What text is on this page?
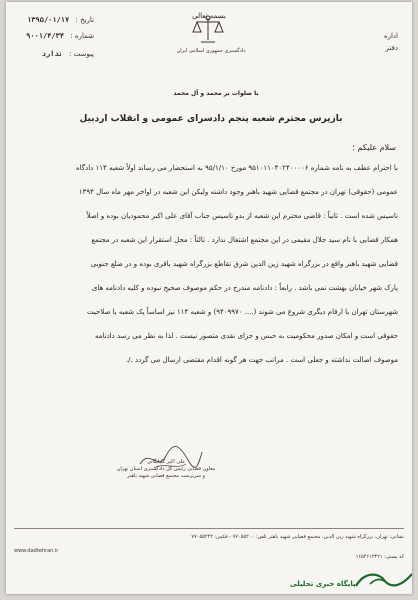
بسمه تعالی
دادگستری جمهوری اسلامی ایران
تاریخ : ۱۳۹۵/۰۱/۱۷
شماره : ۹۰۰۱/۴/۳۴
پیوست : ندارد
اداره
دفتر
با صلوات بر محمد و آل محمد
بازپرس محترم شعبه پنجم دادسرای عمومی و انقلاب اردبیل
سلام علیکم ؛
با احترام عطف به نامه شماره ۹۵۱۰۱۱۰۴۰۲۴۰۰۰۰۶ مورخ ۹۵/۱/۱۰ به استحضار می رساند اولاً شعبه ۱۱۴ دادگاه
عمومی (حقوقی) تهران در مجتمع قضایی شهید باهنر وجود داشته ولیکن این شعبه در اواخر مهر ماه سال ۱۳۹۴
تاسیس شده است . ثانیاً : قاضی محترم این شعبه از بدو تاسیس جناب آقای علی اکبر محمودیان بوده و اصلاً
همکار قضایی با نام سید جلال مقیمی در این مجتمع اشتغال ندارد . ثالثاً : محل استقرار این شعبه در مجتمع
قضایی شهید باهنر واقع در بزرگراه شهید زین الدین شرق تقاطع بزرگراه شهید باقری بوده و در ضلع جنوبی
پارک شهر خیابان بهشت نمی باشد . رابعاً : دادنامه مندرج در حکم موصوف صحیح نبوده و کلیه دادنامه های
شهرستان تهران با ارقام دیگری شروع می شوند (.... ۹۴۰۹۹۷۰) و شعبه ۱۱۴ نیز اساساً یک شعبه با صلاحیت
حقوقی است و امکان صدور محکومیت به حبس و جزای نقدی متصور نیست . لذا به نظر می رسد دادنامه
موصوف اصالت نداشته و جعلی است . مراتب جهت هر گونه اقدام مقتضی ارسال می گردد ./.
علی اکبر گلپایگانی
معاون قضایی رئیس کل دادگستری استان تهران
و سرپرست مجتمع قضایی شهید باهنر
نشانی: تهران، بزرگراه شهید زین الدین، مجتمع قضایی شهید باهنر تلفن: ۷۷۰۵۵۲۰۰ - فکس: ۷۷۰۵۵۲۴۴
www.dadtehran.ir
کد پستی: ۱۶۵۴۶۱۳۴۲۱
پایگاه خبری تحلیلی
